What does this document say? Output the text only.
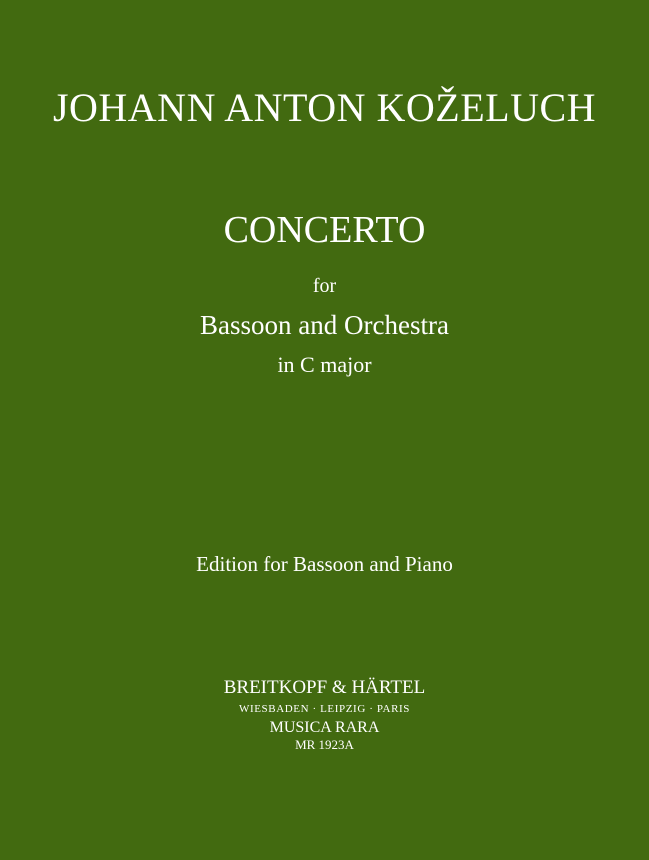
JOHANN ANTON KOŽELUCH
CONCERTO
for
Bassoon and Orchestra
in C major
Edition for Bassoon and Piano
BREITKOPF & HÄRTEL
WIESBADEN · LEIPZIG · PARIS
MUSICA RARA
MR 1923A
